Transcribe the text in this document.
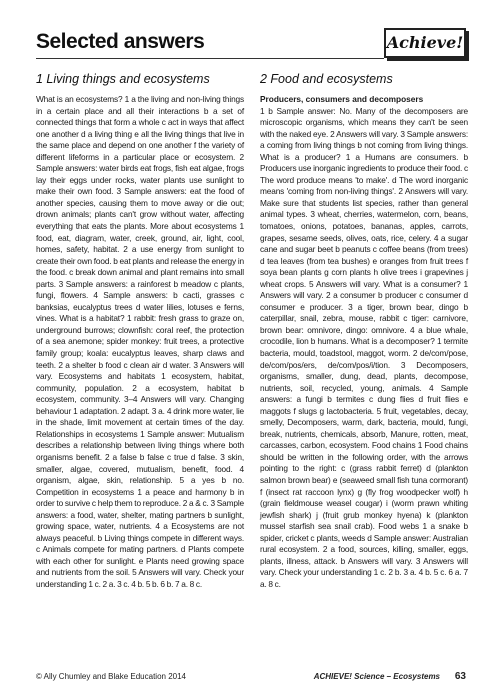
Selected answers	Achieve!
1 Living things and ecosystems
What is an ecosystems? 1 a the living and non-living things in a certain place and all their interactions b a set of connected things that form a whole c act in ways that affect one another d a living thing e all the living things that live in the same place and depend on one another f the variety of different lifeforms in a particular place or ecosystem. 2 Sample answers: water birds eat frogs, fish eat algae, frogs lay their eggs under rocks, water plants use sunlight to make their own food. 3 Sample answers: eat the food of another species, causing them to move away or die out; drown animals; plants can't grow without water, affecting everything that eats the plants. More about ecosystems 1 food, eat, diagram, water, creek, ground, air, light, cool, homes, safety, habitat. 2 a use energy from sunlight to create their own food. b eat plants and release the energy in the food. c break down animal and plant remains into small parts. 3 Sample answers: a rainforest b meadow c plants, fungi, flowers. 4 Sample answers: b cacti, grasses c banksias, eucalyptus trees d water lilies, lotuses e ferns, vines. What is a habitat? 1 rabbit: fresh grass to graze on, underground burrows; clownfish: coral reef, the protection of a sea anemone; spider monkey: fruit trees, a protective family group; koala: eucalyptus leaves, sharp claws and teeth. 2 a shelter b food c clean air d water. 3 Answers will vary. Ecosystems and habitats 1 ecosystem, habitat, community, population. 2 a ecosystem, habitat b ecosystem, community. 3–4 Answers will vary. Changing behaviour 1 adaptation. 2 adapt. 3 a. 4 drink more water, lie in the shade, limit movement at certain times of the day. Relationships in ecosystems 1 Sample answer: Mutualism describes a relationship between living things where both organisms benefit. 2 a false b false c true d false. 3 skin, smaller, algae, covered, mutualism, benefit, food. 4 organism, algae, skin, relationship. 5 a yes b no. Competition in ecosystems 1 a peace and harmony b in order to survive c help them to reproduce. 2 a & c. 3 Sample answers: a food, water, shelter, mating partners b sunlight, growing space, water, nutrients. 4 a Ecosystems are not always peaceful. b Living things compete in different ways. c Animals compete for mating partners. d Plants compete with each other for sunlight. e Plants need growing space and nutrients from the soil. 5 Answers will vary. Check your understanding 1 c. 2 a. 3 c. 4 b. 5 b. 6 b. 7 a. 8 c.
2 Food and ecosystems
Producers, consumers and decomposers
1 b Sample answer: No. Many of the decomposers are microscopic organisms, which means they can't be seen with the naked eye. 2 Answers will vary. 3 Sample answers: a coming from living things b not coming from living things. What is a producer? 1 a Humans are consumers. b Producers use inorganic ingredients to produce their food. c The word produce means 'to make'. d The word inorganic means 'coming from non-living things'. 2 Answers will vary. Make sure that students list species, rather than general animal types. 3 wheat, cherries, watermelon, corn, beans, tomatoes, onions, potatoes, bananas, apples, carrots, grapes, sesame seeds, olives, oats, rice, celery. 4 a sugar cane and sugar beet b peanuts c coffee beans (from trees) d tea leaves (from tea bushes) e oranges from fruit trees f soya bean plants g corn plants h olive trees i grapevines j wheat crops. 5 Answers will vary. What is a consumer? 1 Answers will vary. 2 a consumer b producer c consumer d consumer e producer. 3 a tiger, brown bear, dingo b caterpillar, snail, zebra, mouse, rabbit c tiger: carnivore, brown bear: omnivore, dingo: omnivore. 4 a blue whale, crocodile, lion b humans. What is a decomposer? 1 termite bacteria, mould, toadstool, maggot, worm. 2 de/com/pose, de/com/pos/ers, de/com/pos/i/tion. 3 Decomposers, organisms, smaller, dung, dead, plants, decompose, nutrients, soil, recycled, young, animals. 4 Sample answers: a fungi b termites c dung flies d fruit flies e maggots f slugs g lactobacteria. 5 fruit, vegetables, decay, smelly, Decomposers, warm, dark, bacteria, mould, fungi, break, nutrients, chemicals, absorb, Manure, rotten, meat, carcasses, carbon, ecosystem. Food chains 1 Food chains should be written in the following order, with the arrows pointing to the right: c (grass rabbit ferret) d (plankton salmon brown bear) e (seaweed small fish tuna cormorant) f (insect rat raccoon lynx) g (fly frog woodpecker wolf) h (grain fieldmouse weasel cougar) i (worm prawn whiting jewfish shark) j (fruit grub monkey hyena) k (plankton mussel starfish sea snail crab). Food webs 1 a snake b spider, cricket c plants, weeds d Sample answer: Australian rural ecosystem. 2 a food, sources, killing, smaller, eggs, plants, illness, attack. b Answers will vary. 3 Answers will vary. Check your understanding 1 c. 2 b. 3 a. 4 b. 5 c. 6 a. 7 a. 8 c.
© Ally Chumley and Blake Education 2014	ACHIEVE! Science – Ecosystems 63
